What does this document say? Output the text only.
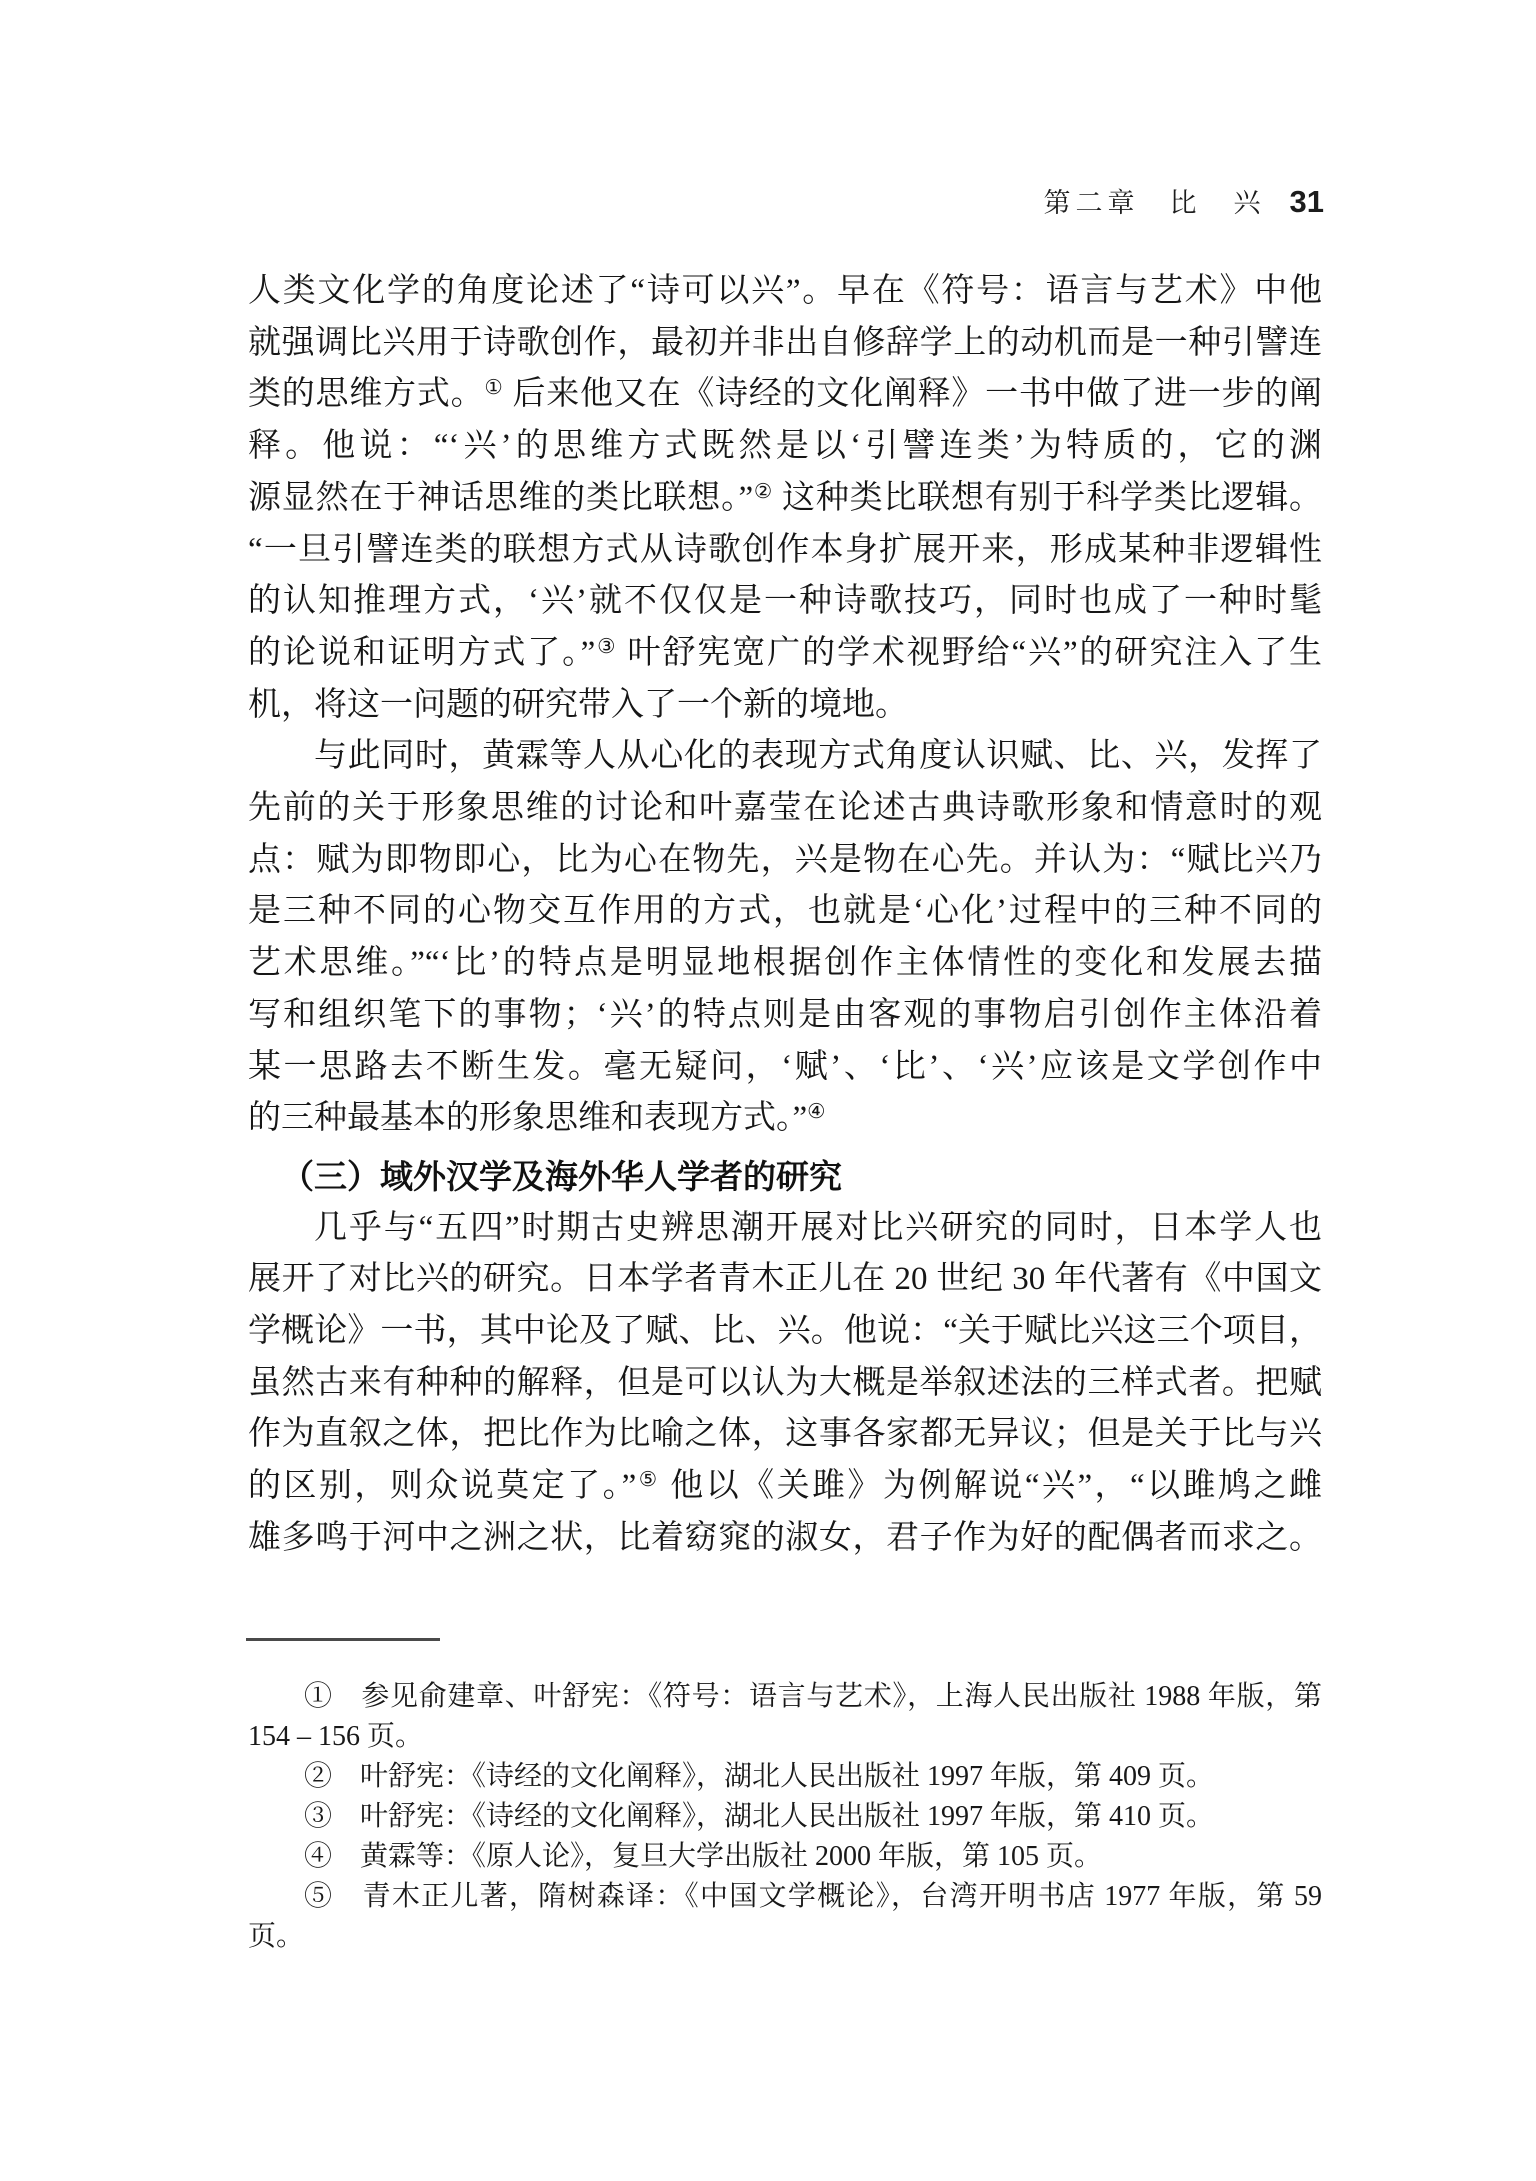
第二章 比　兴 31
人类文化学的角度论述了“诗可以兴”。早在《符号：语言与艺术》中他
就强调比兴用于诗歌创作，最初并非出自修辞学上的动机而是一种引譬连
类的思维方式。① 后来他又在《诗经的文化阐释》一书中做了进一步的阐
释。他说：“‘兴’的思维方式既然是以‘引譬连类’为特质的，它的渊
源显然在于神话思维的类比联想。”② 这种类比联想有别于科学类比逻辑。
“一旦引譬连类的联想方式从诗歌创作本身扩展开来，形成某种非逻辑性
的认知推理方式，‘兴’就不仅仅是一种诗歌技巧，同时也成了一种时髦
的论说和证明方式了。”③ 叶舒宪宽广的学术视野给“兴”的研究注入了生
机，将这一问题的研究带入了一个新的境地。
与此同时，黄霖等人从心化的表现方式角度认识赋、比、兴，发挥了
先前的关于形象思维的讨论和叶嘉莹在论述古典诗歌形象和情意时的观
点：赋为即物即心，比为心在物先，兴是物在心先。并认为：“赋比兴乃
是三种不同的心物交互作用的方式，也就是‘心化’过程中的三种不同的
艺术思维。”“‘比’的特点是明显地根据创作主体情性的变化和发展去描
写和组织笔下的事物；‘兴’的特点则是由客观的事物启引创作主体沿着
某一思路去不断生发。毫无疑问，‘赋’、‘比’、‘兴’应该是文学创作中
的三种最基本的形象思维和表现方式。”④
（三）域外汉学及海外华人学者的研究
几乎与“五四”时期古史辨思潮开展对比兴研究的同时，日本学人也
展开了对比兴的研究。日本学者青木正儿在 20 世纪 30 年代著有《中国文
学概论》一书，其中论及了赋、比、兴。他说：“关于赋比兴这三个项目，
虽然古来有种种的解释，但是可以认为大概是举叙述法的三样式者。把赋
作为直叙之体，把比作为比喻之体，这事各家都无异议；但是关于比与兴
的区别，则众说莫定了。”⑤ 他以《关雎》为例解说“兴”，“以雎鸠之雌
雄多鸣于河中之洲之状，比着窈窕的淑女，君子作为好的配偶者而求之。
①　参见俞建章、叶舒宪：《符号：语言与艺术》，上海人民出版社 1988 年版，第
154 – 156 页。
②　叶舒宪：《诗经的文化阐释》，湖北人民出版社 1997 年版，第 409 页。
③　叶舒宪：《诗经的文化阐释》，湖北人民出版社 1997 年版，第 410 页。
④　黄霖等：《原人论》，复旦大学出版社 2000 年版，第 105 页。
⑤　青木正儿著，隋树森译：《中国文学概论》，台湾开明书店 1977 年版，第 59 页。
